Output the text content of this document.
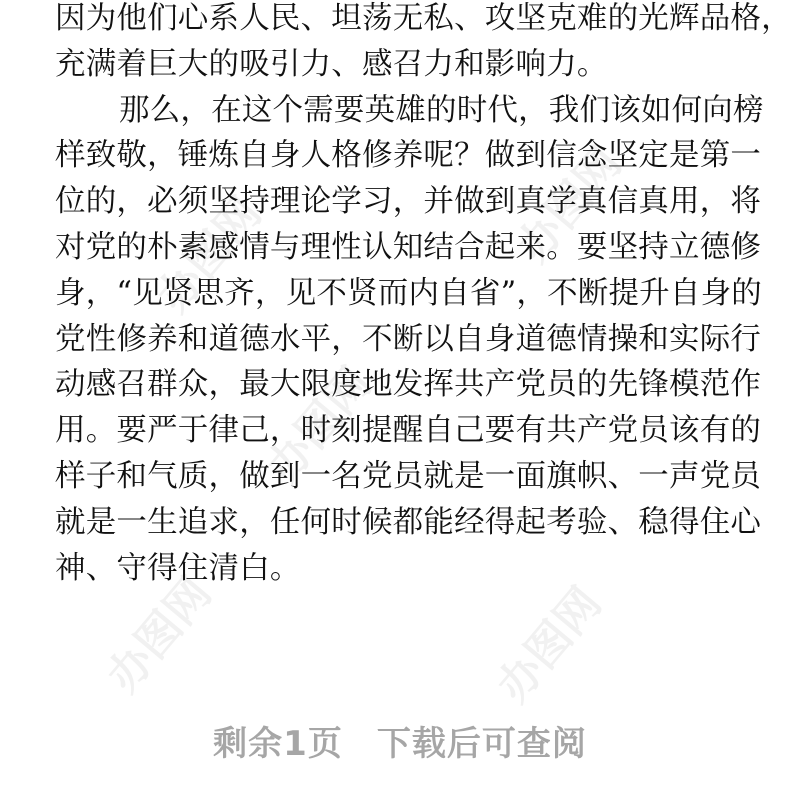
办图网	办图网
办图网
办图网
办图网
因为他们心系人民、坦荡无私、攻坚克难的光辉品格，
充满着巨大的吸引力、感召力和影响力。
那么，在这个需要英雄的时代，我们该如何向榜
样致敬，锤炼自身人格修养呢？做到信念坚定是第一
位的，必须坚持理论学习，并做到真学真信真用，将
对党的朴素感情与理性认知结合起来。要坚持立德修
身，“见贤思齐，见不贤而内自省”，不断提升自身的
党性修养和道德水平，不断以自身道德情操和实际行
动感召群众，最大限度地发挥共产党员的先锋模范作
用。要严于律己，时刻提醒自己要有共产党员该有的
样子和气质，做到一名党员就是一面旗帜、一声党员
就是一生追求，任何时候都能经得起考验、稳得住心
神、守得住清白。
剩余1页 下载后可查阅
